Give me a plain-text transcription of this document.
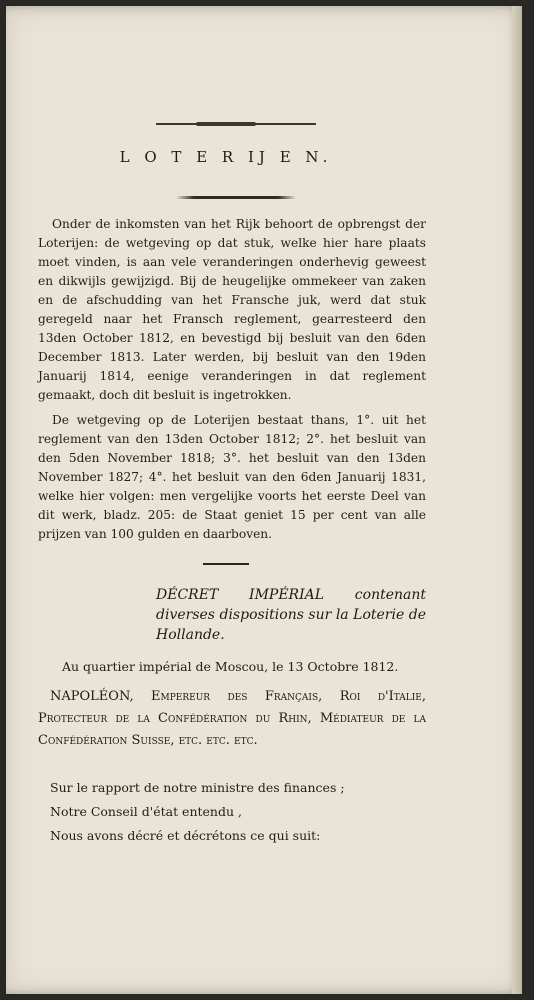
L O T E R IJ E N.

Onder de inkomsten van het Rijk behoort de opbrengst der Loterijen: de wetgeving op dat stuk, welke hier hare plaats moet vinden, is aan vele veranderingen onderhevig geweest en dikwijls gewijzigd. Bij de heugelijke ommekeer van zaken en de afschudding van het Fransche juk, werd dat stuk geregeld naar het Fransch reglement, gearresteerd den 13den October 1812, en bevestigd bij besluit van den 6den December 1813. Later werden, bij besluit van den 19den Januarij 1814, eenige veranderingen in dat reglement gemaakt, doch dit besluit is ingetrokken.

De wetgeving op de Loterijen bestaat thans, 1°. uit het reglement van den 13den October 1812; 2°. het besluit van den 5den November 1818; 3°. het besluit van den 13den November 1827; 4°. het besluit van den 6den Januarij 1831, welke hier volgen: men vergelijke voorts het eerste Deel van dit werk, bladz. 205: de Staat geniet 15 per cent van alle prijzen van 100 gulden en daarboven.

DÉCRET IMPÉRIAL contenant diverses dispositions sur la Loterie de Hollande.
Au quartier impérial de Moscou, le 13 Octobre 1812.
NAPOLÉON, Empereur des Français, Roi d'Italie, Protecteur de la Confédération du Rhin, Médiateur de la Confédération Suisse, etc. etc. etc.
Sur le rapport de notre ministre des finances ;
Notre Conseil d'état entendu ,
Nous avons décré et décrétons ce qui suit:
